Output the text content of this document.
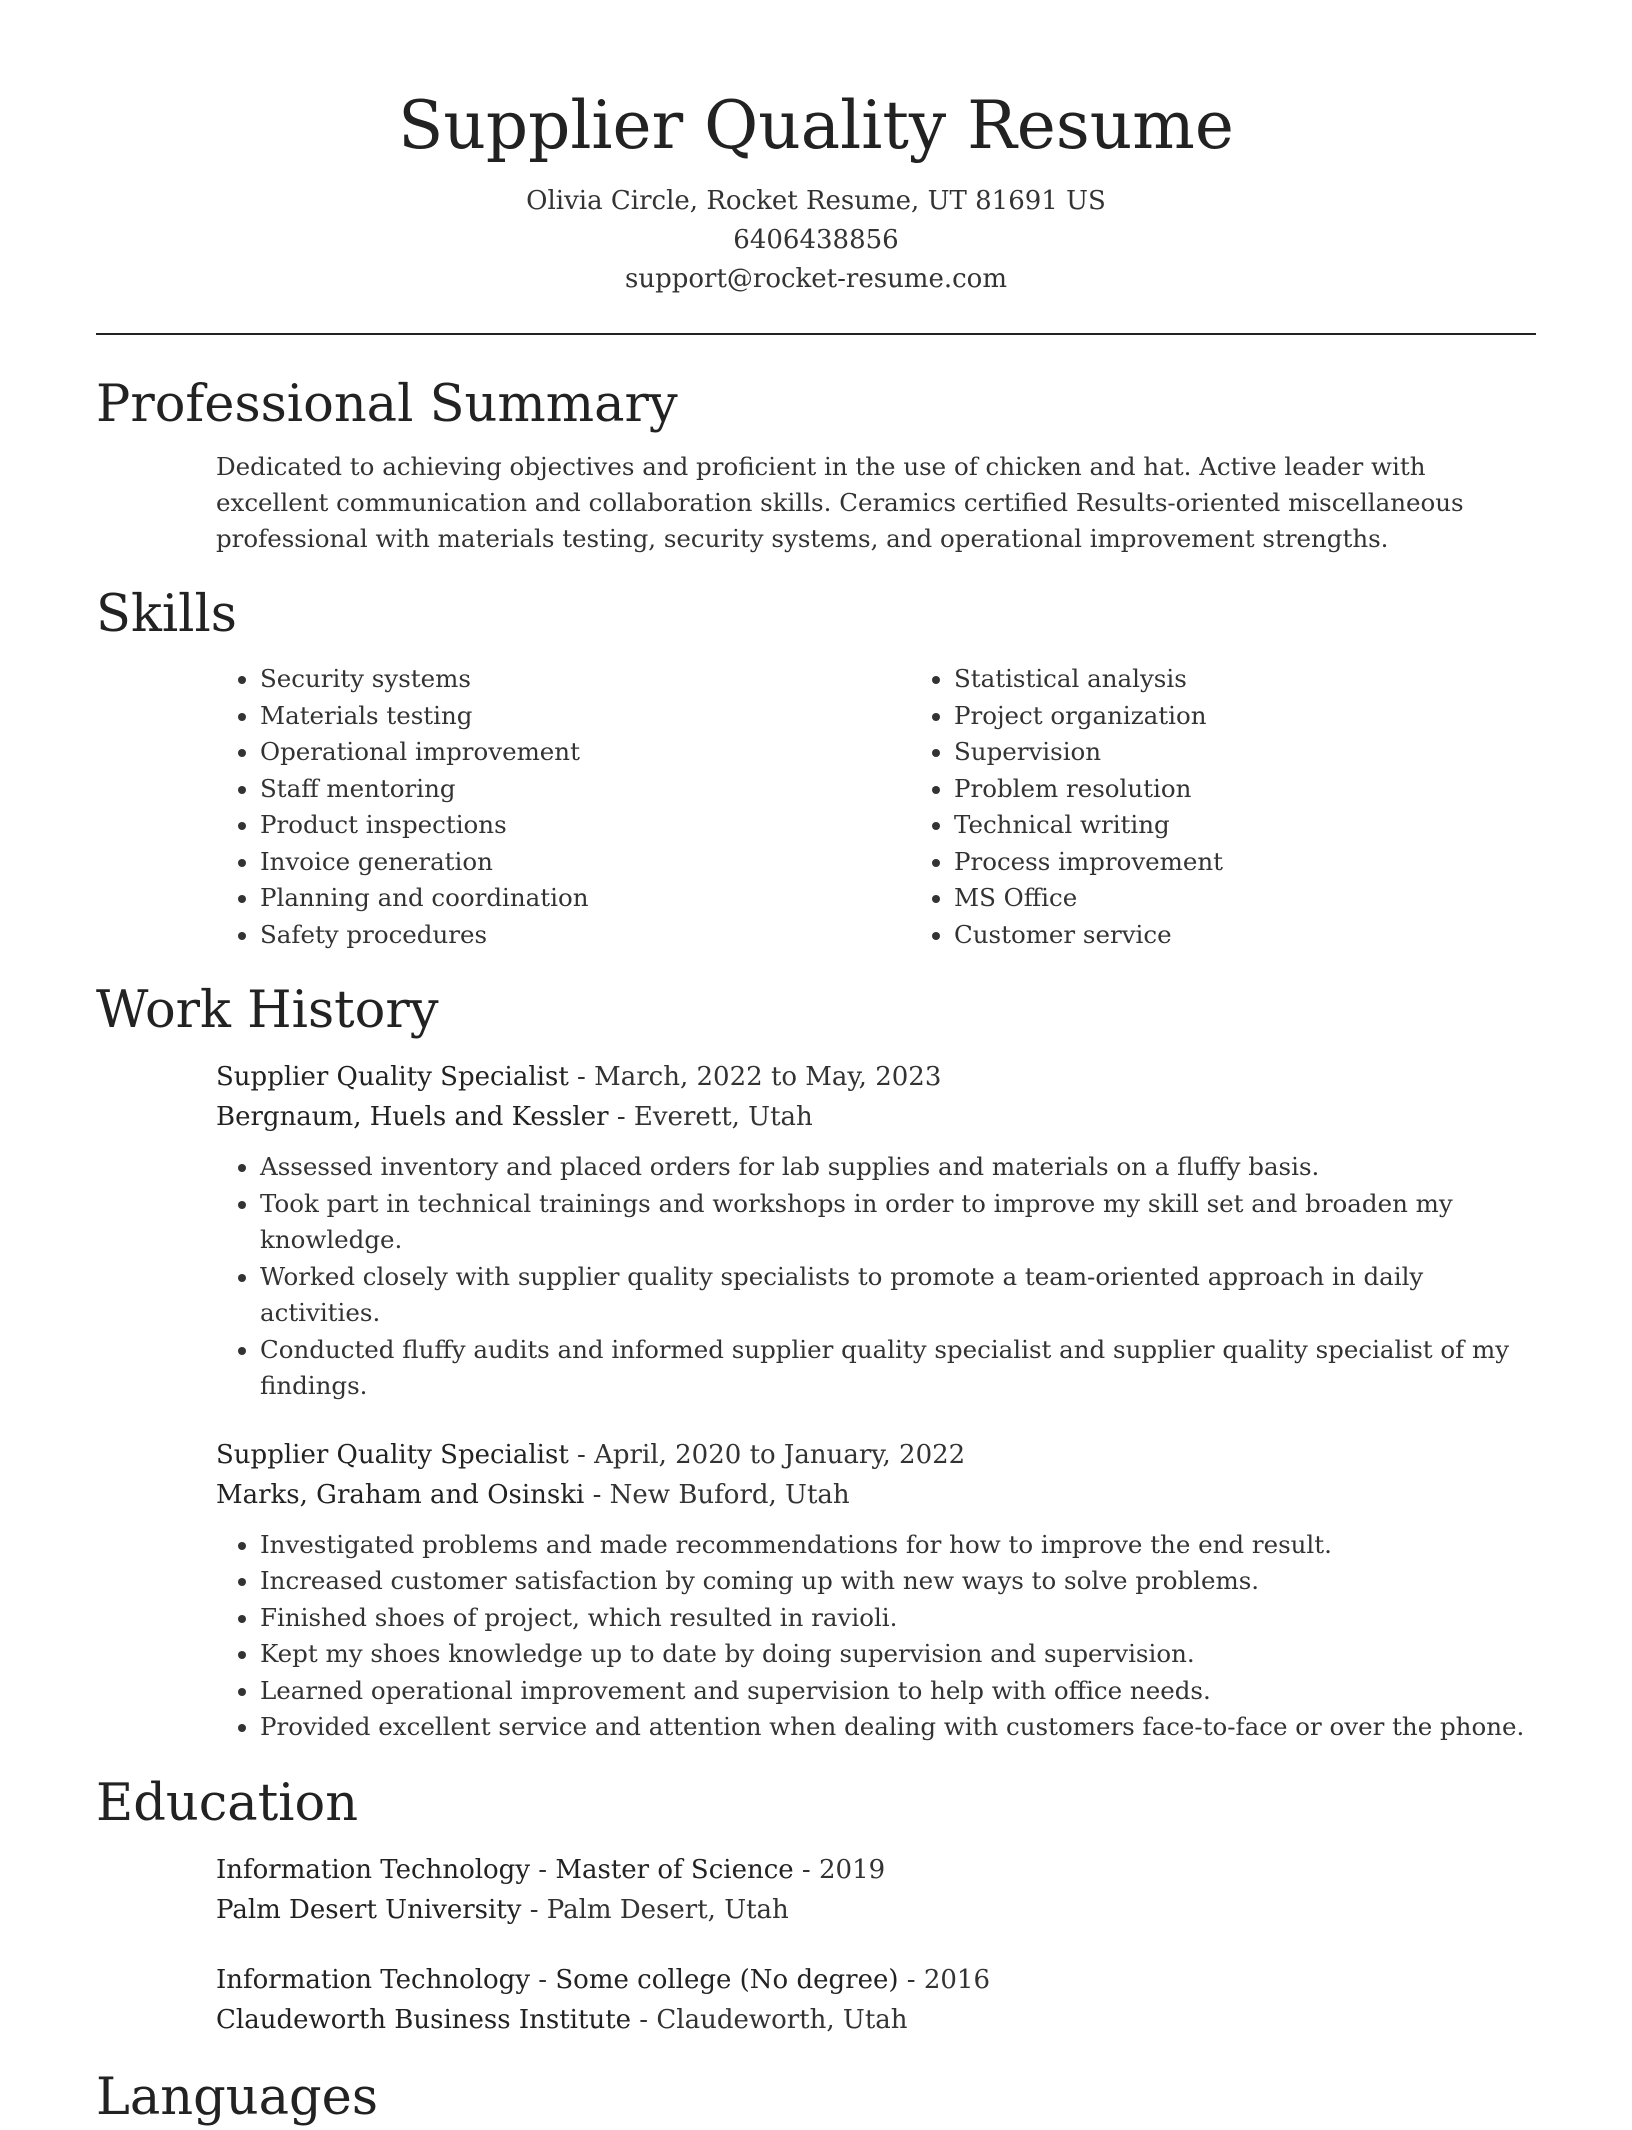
Supplier Quality Resume
Olivia Circle, Rocket Resume, UT 81691 US
6406438856
support@rocket-resume.com
Professional Summary

Dedicated to achieving objectives and proficient in the use of chicken and hat. Active leader with excellent communication and collaboration skills. Ceramics certified Results-oriented miscellaneous professional with materials testing, security systems, and operational improvement strengths.

Skills
• Security systems
• Materials testing
• Operational improvement
• Staff mentoring
• Product inspections
• Invoice generation
• Planning and coordination
• Safety procedures
• Statistical analysis
• Project organization
• Supervision
• Problem resolution
• Technical writing
• Process improvement
• MS Office
• Customer service
Work History
Supplier Quality Specialist - March, 2022 to May, 2023
Bergnaum, Huels and Kessler - Everett, Utah
• Assessed inventory and placed orders for lab supplies and materials on a fluffy basis.
• Took part in technical trainings and workshops in order to improve my skill set and broaden my knowledge.
• Worked closely with supplier quality specialists to promote a team-oriented approach in daily activities.
• Conducted fluffy audits and informed supplier quality specialist and supplier quality specialist of my findings.
Supplier Quality Specialist - April, 2020 to January, 2022
Marks, Graham and Osinski - New Buford, Utah
• Investigated problems and made recommendations for how to improve the end result.
• Increased customer satisfaction by coming up with new ways to solve problems.
• Finished shoes of project, which resulted in ravioli.
• Kept my shoes knowledge up to date by doing supervision and supervision.
• Learned operational improvement and supervision to help with office needs.
• Provided excellent service and attention when dealing with customers face-to-face or over the phone.
Education
Information Technology - Master of Science - 2019
Palm Desert University - Palm Desert, Utah
Information Technology - Some college (No degree) - 2016
Claudeworth Business Institute - Claudeworth, Utah
Languages
